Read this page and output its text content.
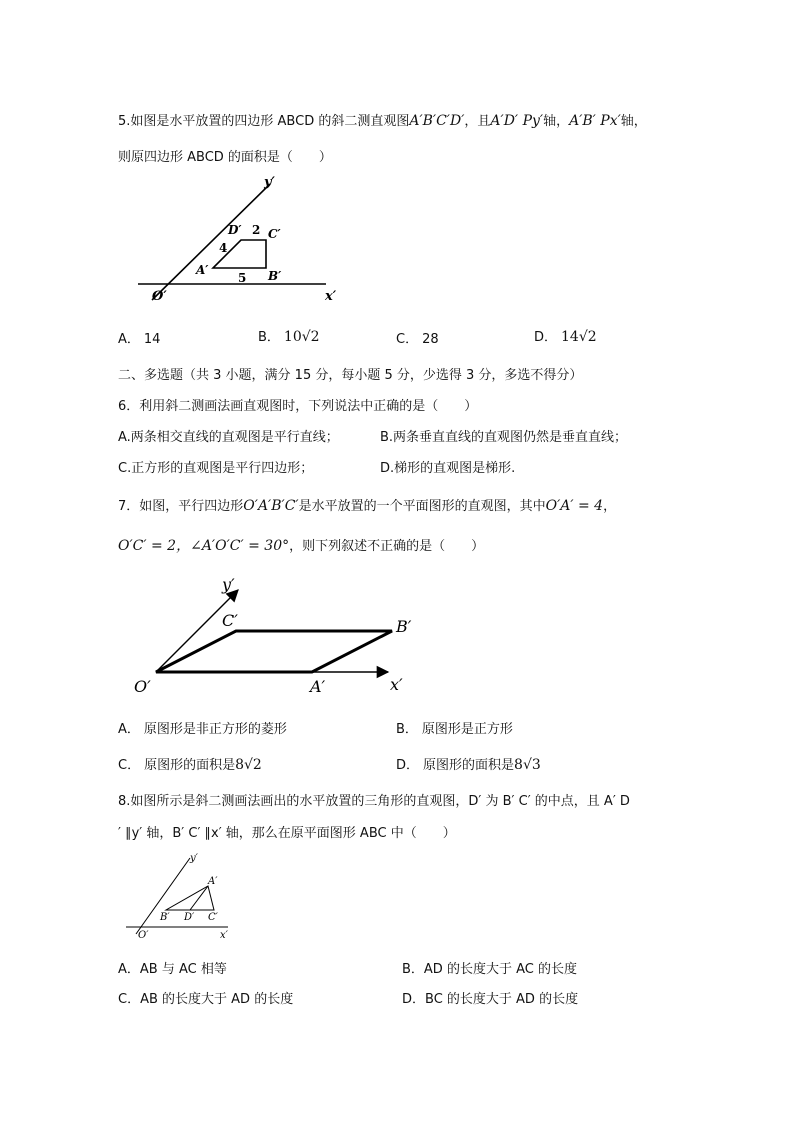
5.如图是水平放置的四边形 ABCD 的斜二测直观图A′B′C′D′，且A′D′ Py′轴，A′B′ Px′轴，
则原四边形 ABCD 的面积是（　　）
y′
x′
O′
A′	B′
C′
D′ 2
4
5
A． 14	B． 10√2	C． 28	D． 14√2
二、多选题（共 3 小题，满分 15 分，每小题 5 分，少选得 3 分，多选不得分）
6．利用斜二测画法画直观图时，下列说法中正确的是（　　）
A.两条相交直线的直观图是平行直线；	B.两条垂直直线的直观图仍然是垂直直线；
C.正方形的直观图是平行四边形；	D.梯形的直观图是梯形.
7．如图，平行四边形O′A′B′C′是水平放置的一个平面图形的直观图，其中O′A′ = 4，
O′C′ = 2，∠A′O′C′ = 30°，则下列叙述不正确的是（　　）
y′
x′
O′	A′
B′
C′
A． 原图形是非正方形的菱形	B． 原图形是正方形
C． 原图形的面积是8√2	D． 原图形的面积是8√3
8.如图所示是斜二测画法画出的水平放置的三角形的直观图，D′ 为 B′ C′ 的中点，且 A′ D
′ ∥y′ 轴，B′ C′ ∥x′ 轴，那么在原平面图形 ABC 中（　　）
y′
x′
O′
A′
B′ D′ C′
A．AB 与 AC 相等	B．AD 的长度大于 AC 的长度
C．AB 的长度大于 AD 的长度	D．BC 的长度大于 AD 的长度
